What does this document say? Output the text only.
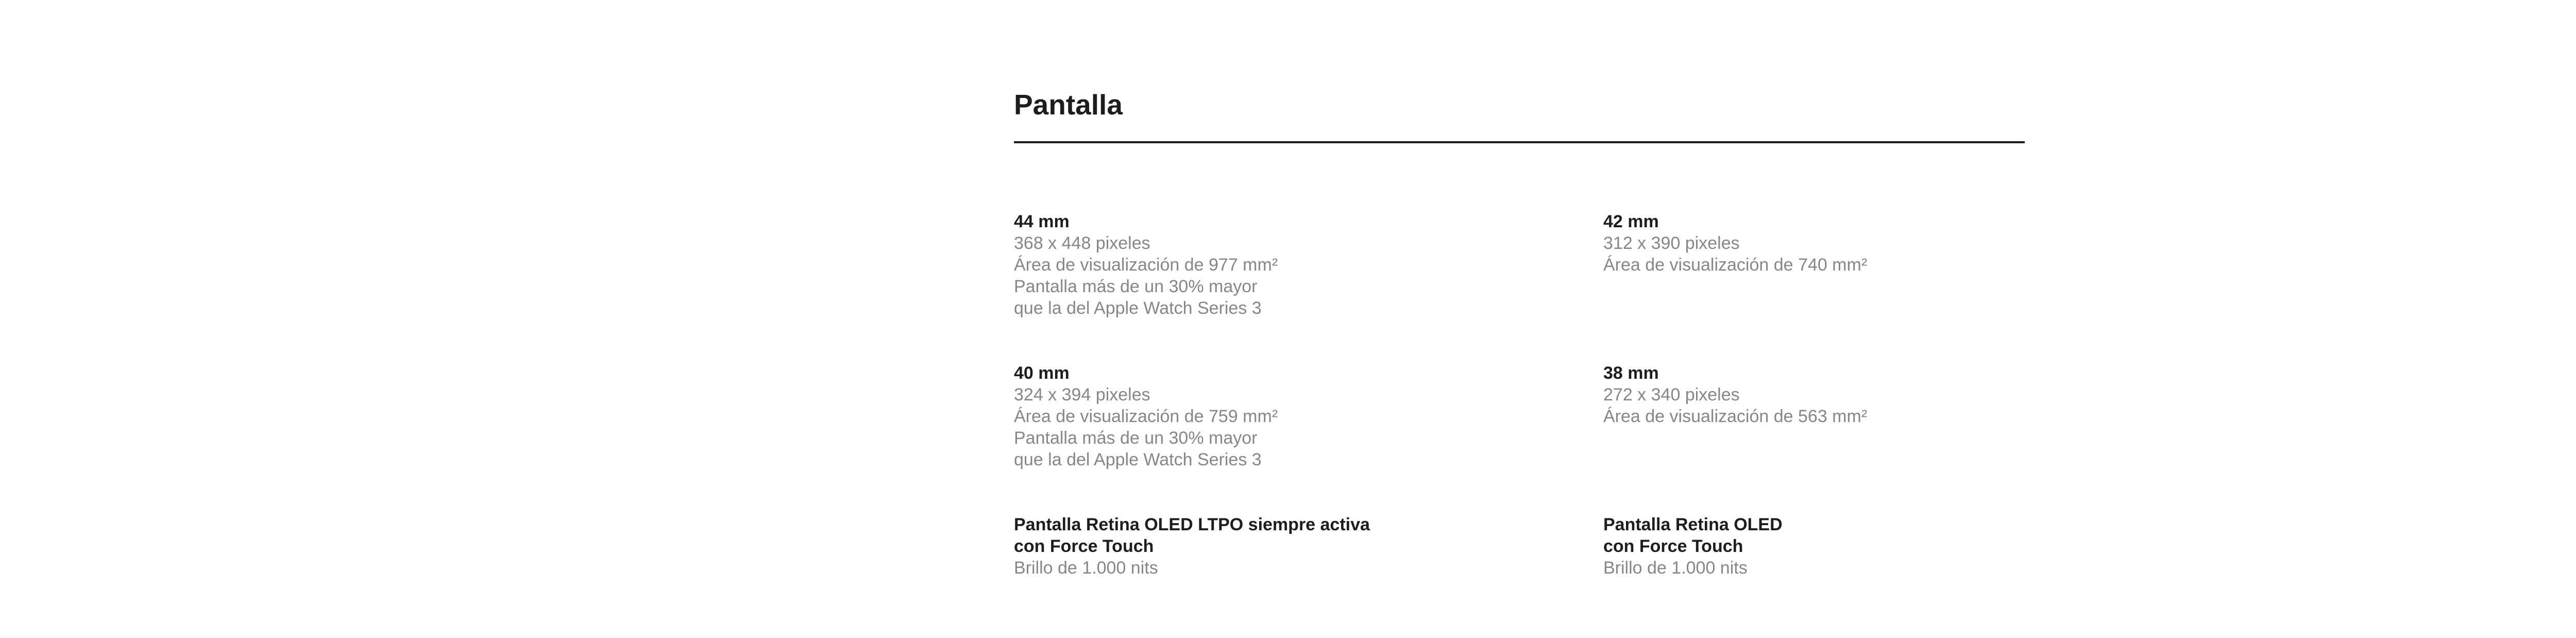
Pantalla
44 mm
368 x 448 pixeles
Área de visualización de 977 mm²
Pantalla más de un 30% mayor
que la del Apple Watch Series 3
42 mm
312 x 390 pixeles
Área de visualización de 740 mm²
40 mm
324 x 394 pixeles
Área de visualización de 759 mm²
Pantalla más de un 30% mayor
que la del Apple Watch Series 3
38 mm
272 x 340 pixeles
Área de visualización de 563 mm²
Pantalla Retina OLED LTPO siempre activa
con Force Touch
Brillo de 1.000 nits
Pantalla Retina OLED
con Force Touch
Brillo de 1.000 nits
